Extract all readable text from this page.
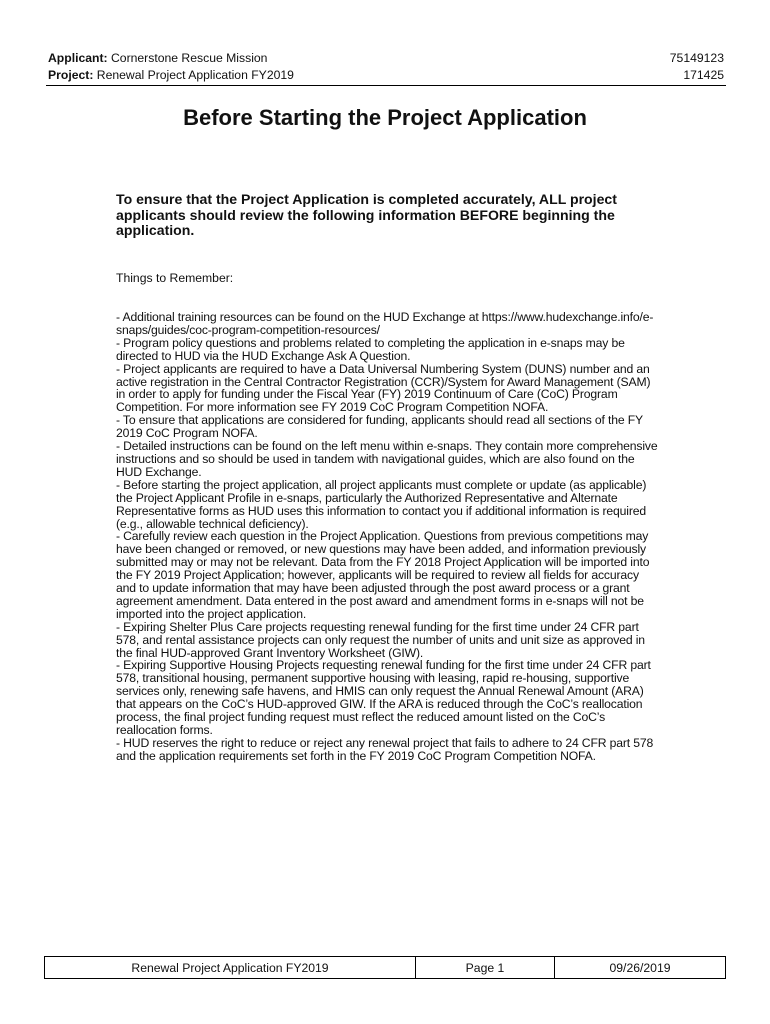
Applicant: Cornerstone Rescue Mission	75149123
Project: Renewal Project Application FY2019	171425
Before Starting the Project Application
To ensure that the Project Application is completed accurately, ALL project applicants should review the following information BEFORE beginning the application.
Things to Remember:

- Additional training resources can be found on the HUD Exchange at https://www.hudexchange.info/e-snaps/guides/coc-program-competition-resources/

- Program policy questions and problems related to completing the application in e-snaps may be directed to HUD via the HUD Exchange Ask A Question.

- Project applicants are required to have a Data Universal Numbering System (DUNS) number and an active registration in the Central Contractor Registration (CCR)/System for Award Management (SAM) in order to apply for funding under the Fiscal Year (FY) 2019 Continuum of Care (CoC) Program Competition. For more information see FY 2019 CoC Program Competition NOFA.

- To ensure that applications are considered for funding, applicants should read all sections of the FY 2019 CoC Program NOFA.

- Detailed instructions can be found on the left menu within e-snaps. They contain more comprehensive instructions and so should be used in tandem with navigational guides, which are also found on the HUD Exchange.

- Before starting the project application, all project applicants must complete or update (as applicable) the Project Applicant Profile in e-snaps, particularly the Authorized Representative and Alternate Representative forms as HUD uses this information to contact you if additional information is required (e.g., allowable technical deficiency).

- Carefully review each question in the Project Application. Questions from previous competitions may have been changed or removed, or new questions may have been added, and information previously submitted may or may not be relevant. Data from the FY 2018 Project Application will be imported into the FY 2019 Project Application; however, applicants will be required to review all fields for accuracy and to update information that may have been adjusted through the post award process or a grant agreement amendment. Data entered in the post award and amendment forms in e-snaps will not be imported into the project application.

- Expiring Shelter Plus Care projects requesting renewal funding for the first time under 24 CFR part 578, and rental assistance projects can only request the number of units and unit size as approved in the final HUD-approved Grant Inventory Worksheet (GIW).

- Expiring Supportive Housing Projects requesting renewal funding for the first time under 24 CFR part 578, transitional housing, permanent supportive housing with leasing, rapid re-housing, supportive services only, renewing safe havens, and HMIS can only request the Annual Renewal Amount (ARA) that appears on the CoC’s HUD-approved GIW. If the ARA is reduced through the CoC’s reallocation process, the final project funding request must reflect the reduced amount listed on the CoC’s reallocation forms.

- HUD reserves the right to reduce or reject any renewal project that fails to adhere to 24 CFR part 578 and the application requirements set forth in the FY 2019 CoC Program Competition NOFA.

Renewal Project Application FY2019	Page 1	09/26/2019
